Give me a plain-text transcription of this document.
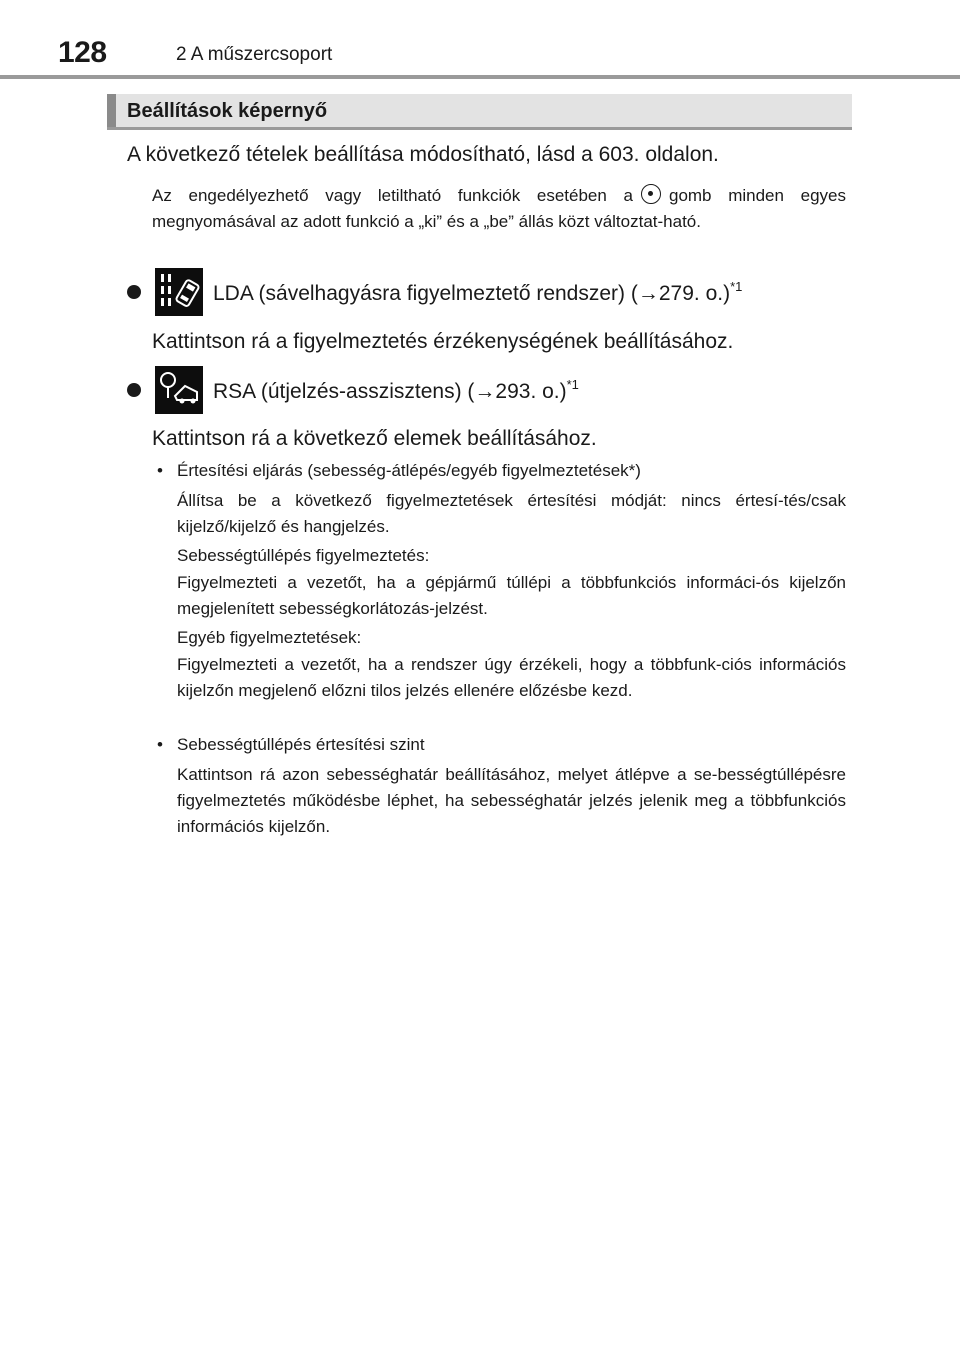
128	2 A műszercsoport
Beállítások képernyő
A következő tételek beállítása módosítható, lásd a 603. oldalon.
Az engedélyezhető vagy letiltható funkciók esetében a gomb minden egyes megnyomásával az adott funkció a „ki” és a „be” állás közt változtat-ható.
LDA (sávelhagyásra figyelmeztető rendszer) (→279. o.)$^{*1}$
Kattintson rá a figyelmeztetés érzékenységének beállításához.
RSA (útjelzés-asszisztens) (→293. o.)$^{*1}$
Kattintson rá a következő elemek beállításához.
• Értesítési eljárás (sebesség-átlépés/egyéb figyelmeztetések*)
Állítsa be a következő figyelmeztetések értesítési módját: nincs értesí-tés/csak kijelző/kijelző és hangjelzés.
Sebességtúllépés figyelmeztetés:
Figyelmezteti a vezetőt, ha a gépjármű túllépi a többfunkciós informáci-ós kijelzőn megjelenített sebességkorlátozás-jelzést.
Egyéb figyelmeztetések:
Figyelmezteti a vezetőt, ha a rendszer úgy érzékeli, hogy a többfunk-ciós információs kijelzőn megjelenő előzni tilos jelzés ellenére előzésbe kezd.
• Sebességtúllépés értesítési szint
Kattintson rá azon sebességhatár beállításához, melyet átlépve a se-bességtúllépésre figyelmeztetés működésbe léphet, ha sebességhatár jelzés jelenik meg a többfunkciós információs kijelzőn.
